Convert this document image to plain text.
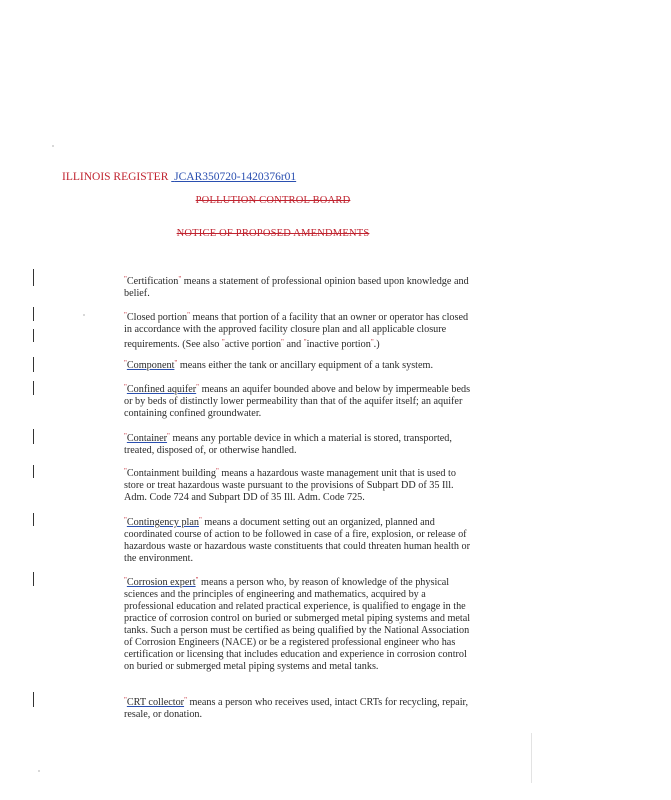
ILLINOIS REGISTER JCAR350720-1420376r01
POLLUTION CONTROL BOARD
NOTICE OF PROPOSED AMENDMENTS
"Certification" means a statement of professional opinion based upon knowledge and belief.
"Closed portion" means that portion of a facility that an owner or operator has closed in accordance with the approved facility closure plan and all applicable closure requirements. (See also "active portion" and "inactive portion".)
"Component" means either the tank or ancillary equipment of a tank system.
"Confined aquifer" means an aquifer bounded above and below by impermeable beds or by beds of distinctly lower permeability than that of the aquifer itself; an aquifer containing confined groundwater.
"Container" means any portable device in which a material is stored, transported, treated, disposed of, or otherwise handled.
"Containment building" means a hazardous waste management unit that is used to store or treat hazardous waste pursuant to the provisions of Subpart DD of 35 Ill. Adm. Code 724 and Subpart DD of 35 Ill. Adm. Code 725.
"Contingency plan" means a document setting out an organized, planned and coordinated course of action to be followed in case of a fire, explosion, or release of hazardous waste or hazardous waste constituents that could threaten human health or the environment.
"Corrosion expert" means a person who, by reason of knowledge of the physical sciences and the principles of engineering and mathematics, acquired by a professional education and related practical experience, is qualified to engage in the practice of corrosion control on buried or submerged metal piping systems and metal tanks. Such a person must be certified as being qualified by the National Association of Corrosion Engineers (NACE) or be a registered professional engineer who has certification or licensing that includes education and experience in corrosion control on buried or submerged metal piping systems and metal tanks.
"CRT collector" means a person who receives used, intact CRTs for recycling, repair, resale, or donation.
